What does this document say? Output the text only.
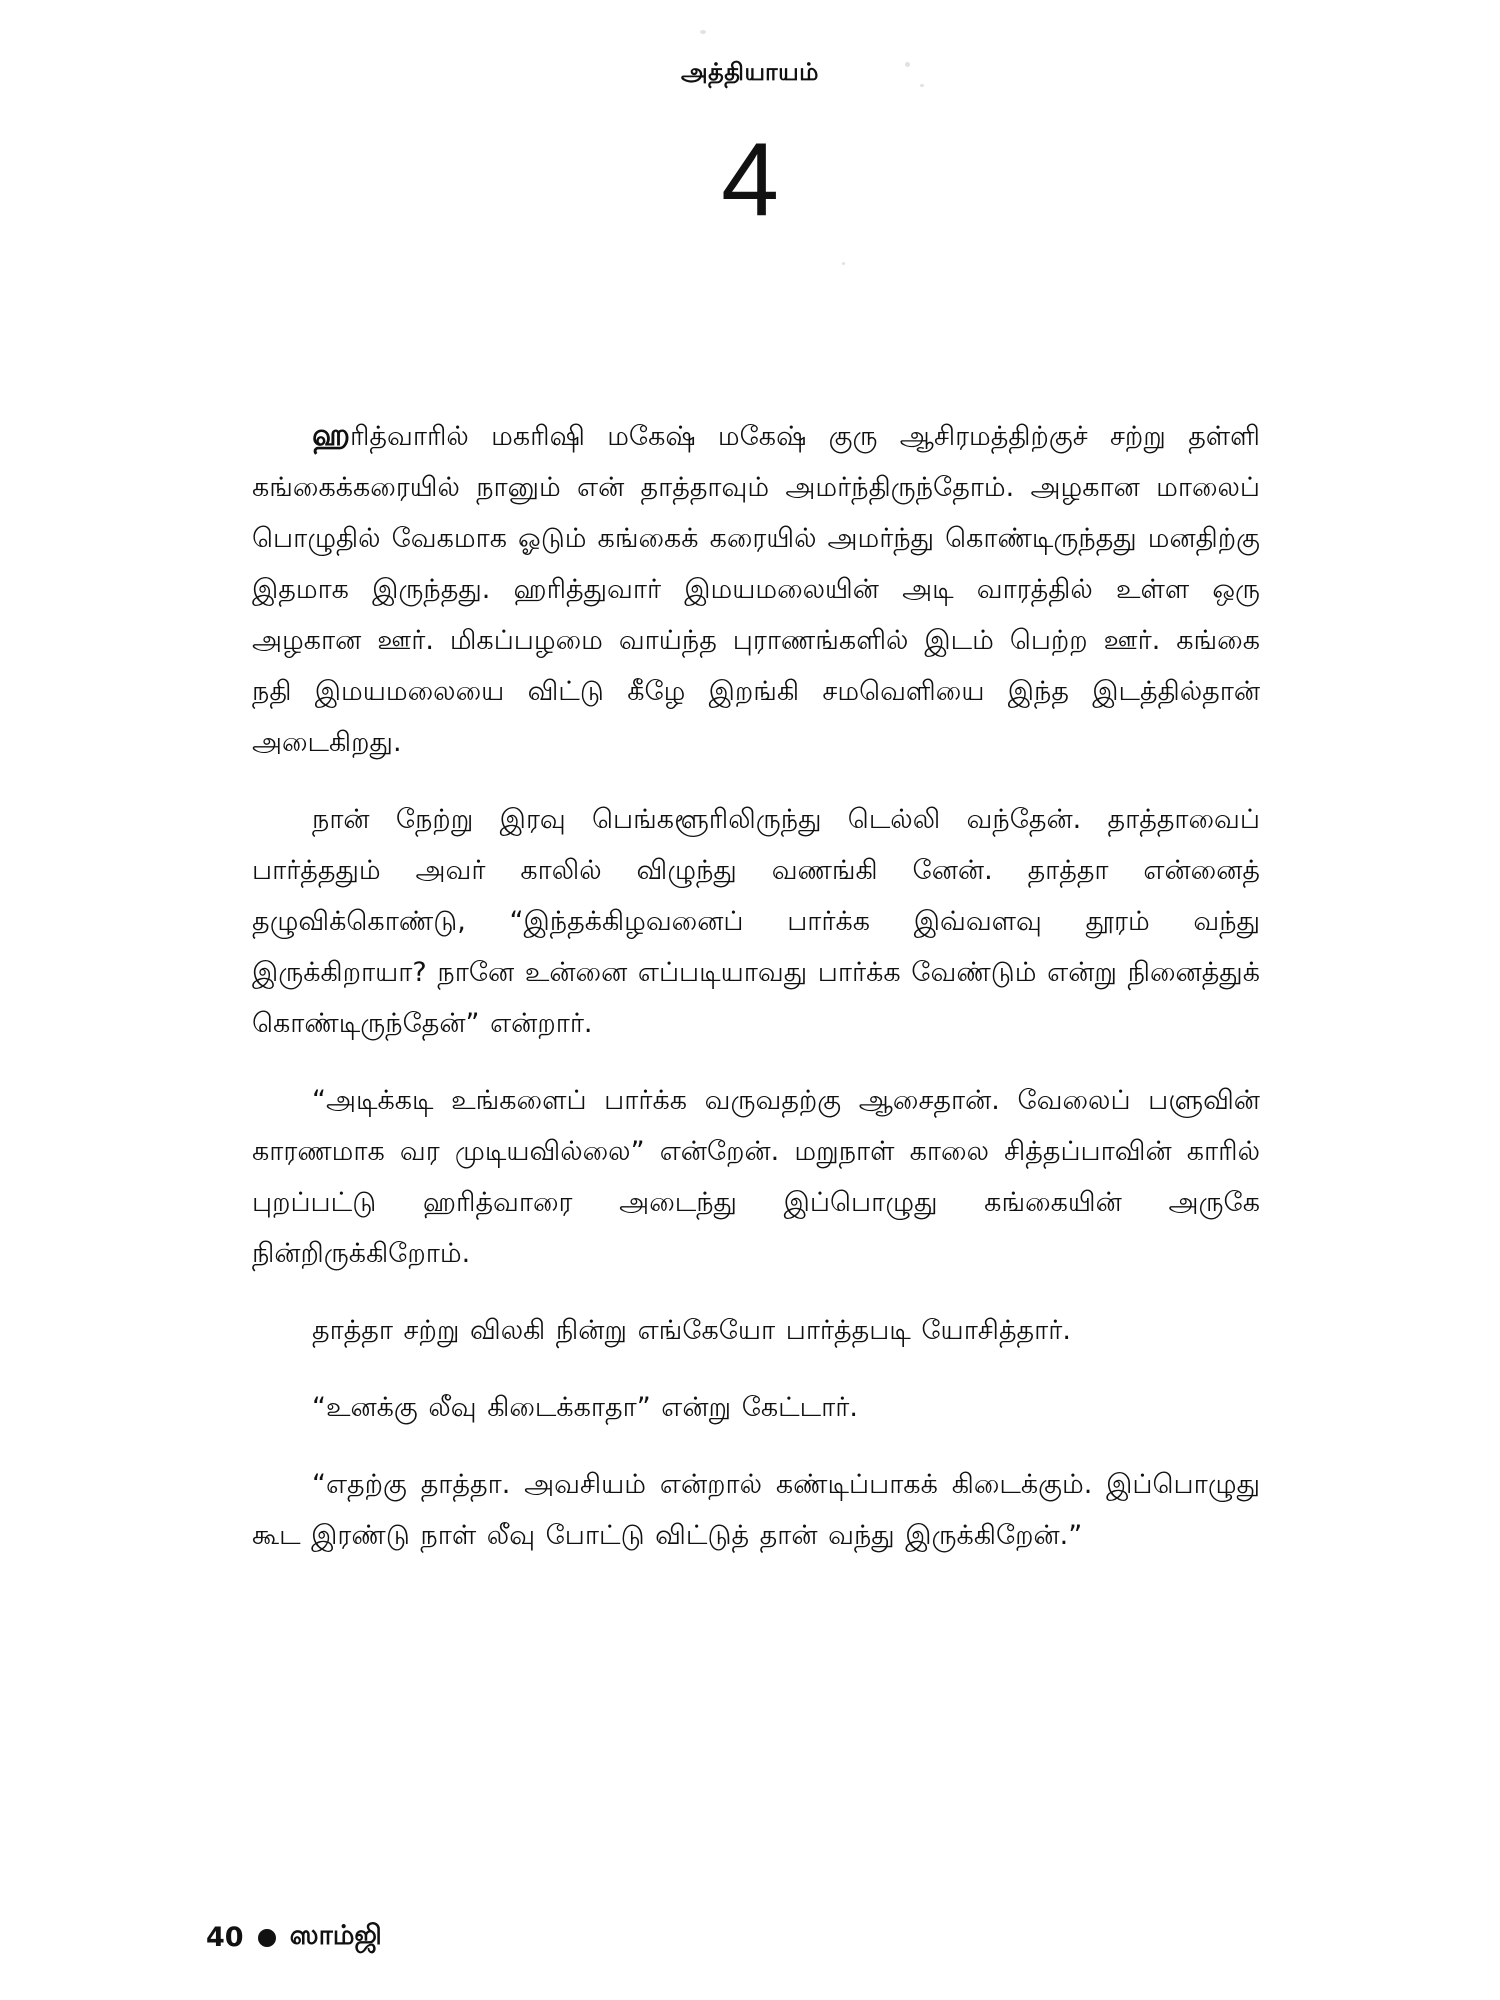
அத்தியாயம்
4

ஹரித்வாரில் மகரிஷி மகேஷ் மகேஷ் குரு ஆசிரமத்திற்குச் சற்று தள்ளி கங்கைக்கரையில் நானும் என் தாத்தாவும் அமர்ந்திருந்தோம். அழகான மாலைப் பொழுதில் வேகமாக ஓடும் கங்கைக் கரையில் அமர்ந்து கொண்டிருந்தது மனதிற்கு இதமாக இருந்தது. ஹரித்துவார் இமயமலையின் அடி வாரத்தில் உள்ள ஒரு அழகான ஊர். மிகப்பழமை வாய்ந்த புராணங்களில் இடம் பெற்ற ஊர். கங்கை நதி இமயமலையை விட்டு கீழே இறங்கி சமவெளியை இந்த இடத்தில்தான் அடைகிறது.

நான் நேற்று இரவு பெங்களூரிலிருந்து டெல்லி வந்தேன். தாத்தாவைப் பார்த்ததும் அவர் காலில் விழுந்து வணங்கி னேன். தாத்தா என்னைத் தழுவிக்கொண்டு, “இந்தக்கிழவனைப் பார்க்க இவ்வளவு தூரம் வந்து இருக்கிறாயா? நானே உன்னை எப்படியாவது பார்க்க வேண்டும் என்று நினைத்துக் கொண்டிருந்தேன்” என்றார்.

“அடிக்கடி உங்களைப் பார்க்க வருவதற்கு ஆசைதான். வேலைப் பளுவின் காரணமாக வர முடியவில்லை” என்றேன். மறுநாள் காலை சித்தப்பாவின் காரில் புறப்பட்டு ஹரித்வாரை அடைந்து இப்பொழுது கங்கையின் அருகே நின்றிருக்கிறோம்.

தாத்தா சற்று விலகி நின்று எங்கேயோ பார்த்தபடி யோசித்தார்.

“உனக்கு லீவு கிடைக்காதா” என்று கேட்டார்.

“எதற்கு தாத்தா. அவசியம் என்றால் கண்டிப்பாகக் கிடைக்கும். இப்பொழுது கூட இரண்டு நாள் லீவு போட்டு விட்டுத் தான் வந்து இருக்கிறேன்.”

40 ஸாம்ஜி
